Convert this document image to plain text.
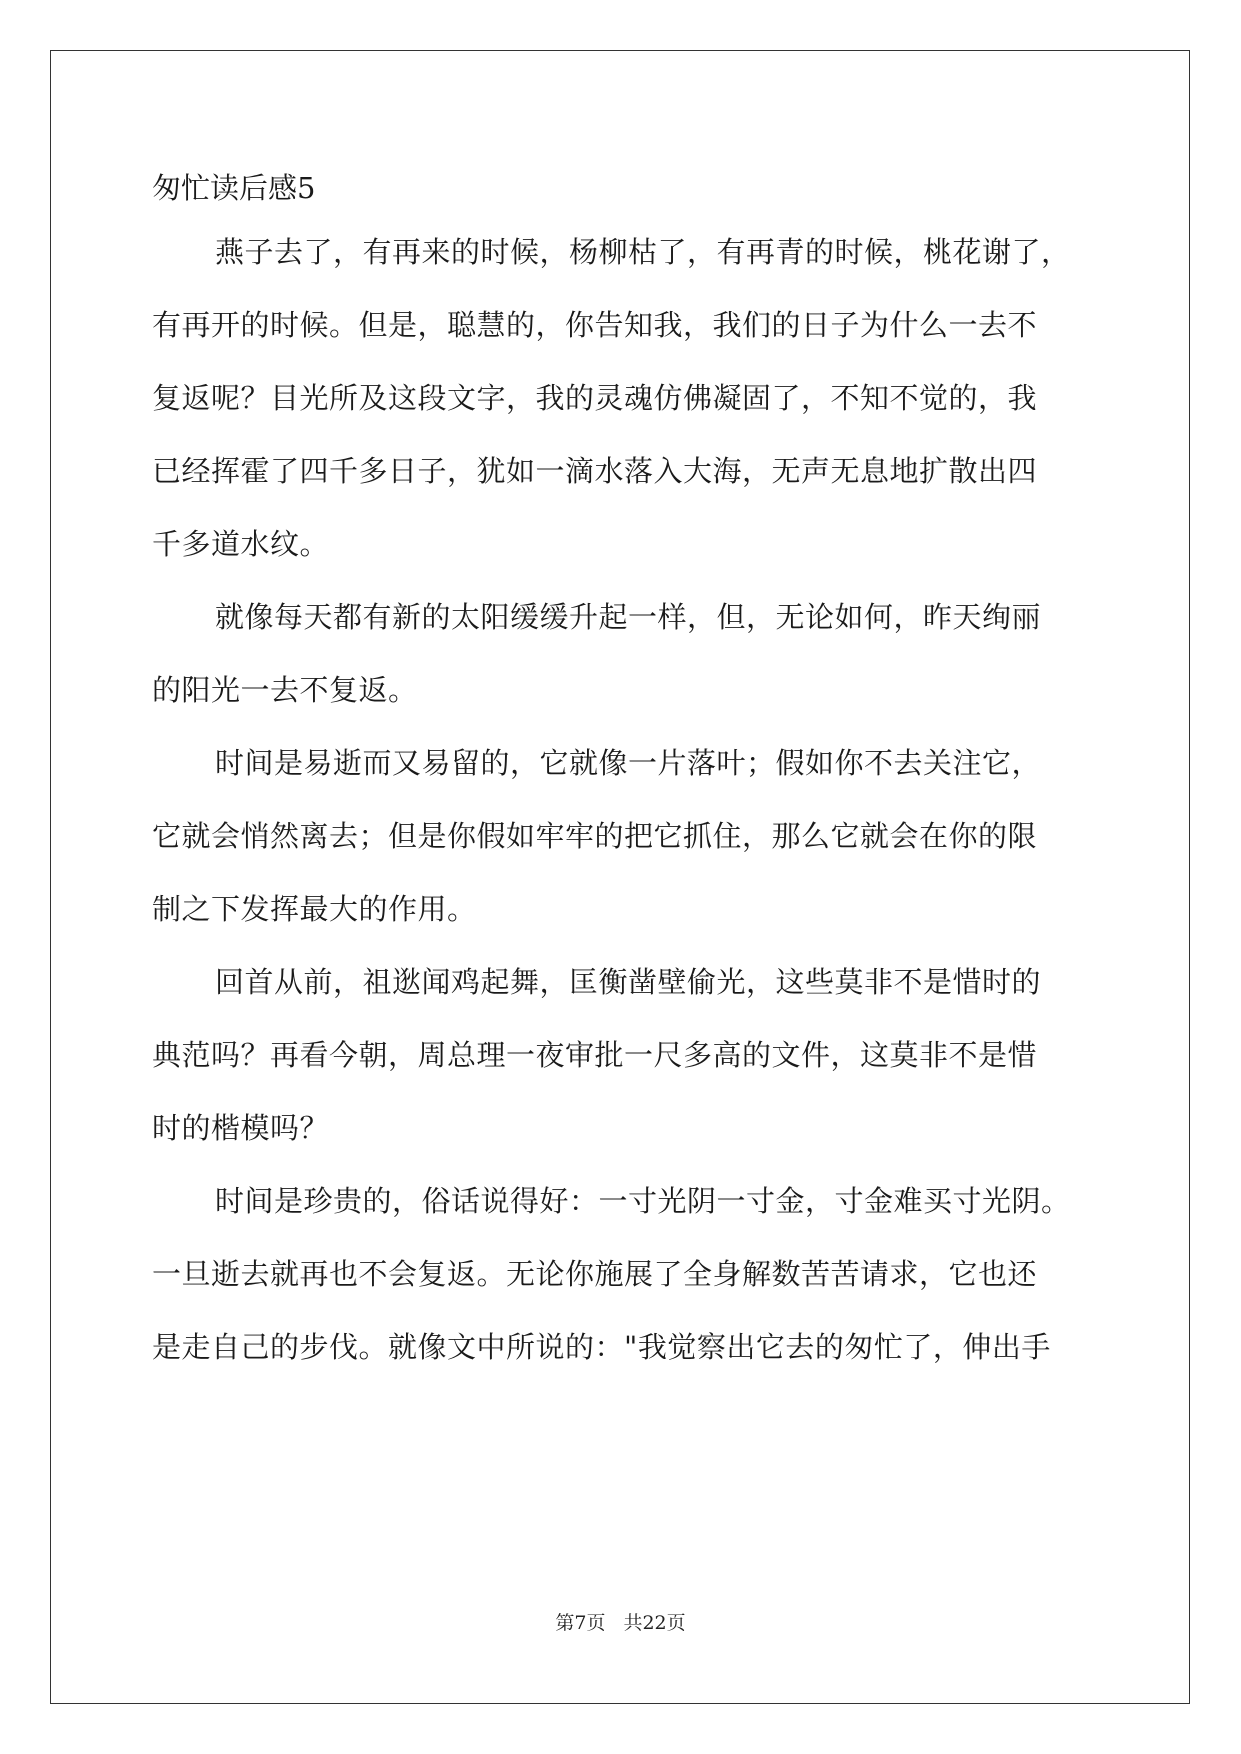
匆忙读后感5
燕子去了，有再来的时候，杨柳枯了，有再青的时候，桃花谢了，
有再开的时候。但是，聪慧的，你告知我，我们的日子为什么一去不
复返呢？目光所及这段文字，我的灵魂仿佛凝固了，不知不觉的，我
已经挥霍了四千多日子，犹如一滴水落入大海，无声无息地扩散出四
千多道水纹。
就像每天都有新的太阳缓缓升起一样，但，无论如何，昨天绚丽
的阳光一去不复返。
时间是易逝而又易留的，它就像一片落叶；假如你不去关注它，
它就会悄然离去；但是你假如牢牢的把它抓住，那么它就会在你的限
制之下发挥最大的作用。
回首从前，祖逖闻鸡起舞，匡衡凿壁偷光，这些莫非不是惜时的
典范吗？再看今朝，周总理一夜审批一尺多高的文件，这莫非不是惜
时的楷模吗？
时间是珍贵的，俗话说得好：一寸光阴一寸金，寸金难买寸光阴。
一旦逝去就再也不会复返。无论你施展了全身解数苦苦请求，它也还
是走自己的步伐。就像文中所说的："我觉察出它去的匆忙了，伸出手
第7页 共22页
